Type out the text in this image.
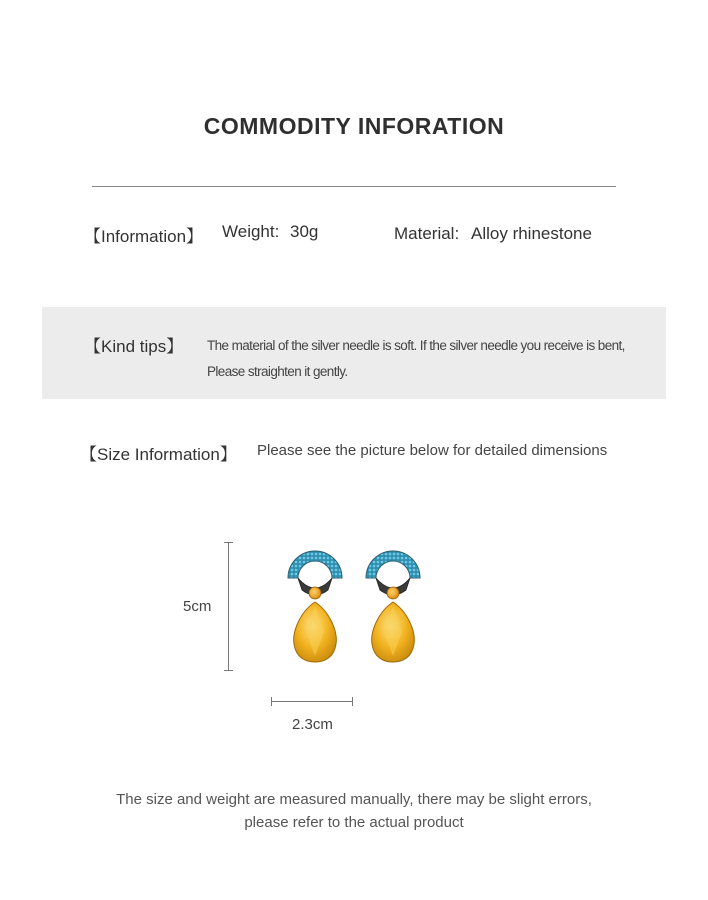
COMMODITY INFORATION
【Information】 Weight: 30g	Material: Alloy rhinestone
【Kind tips】 The material of the silver needle is soft. If the silver needle you receive is bent,
Please straighten it gently.
【Size Information】 Please see the picture below for detailed dimensions
5cm
2.3cm
The size and weight are measured manually, there may be slight errors,
please refer to the actual product
